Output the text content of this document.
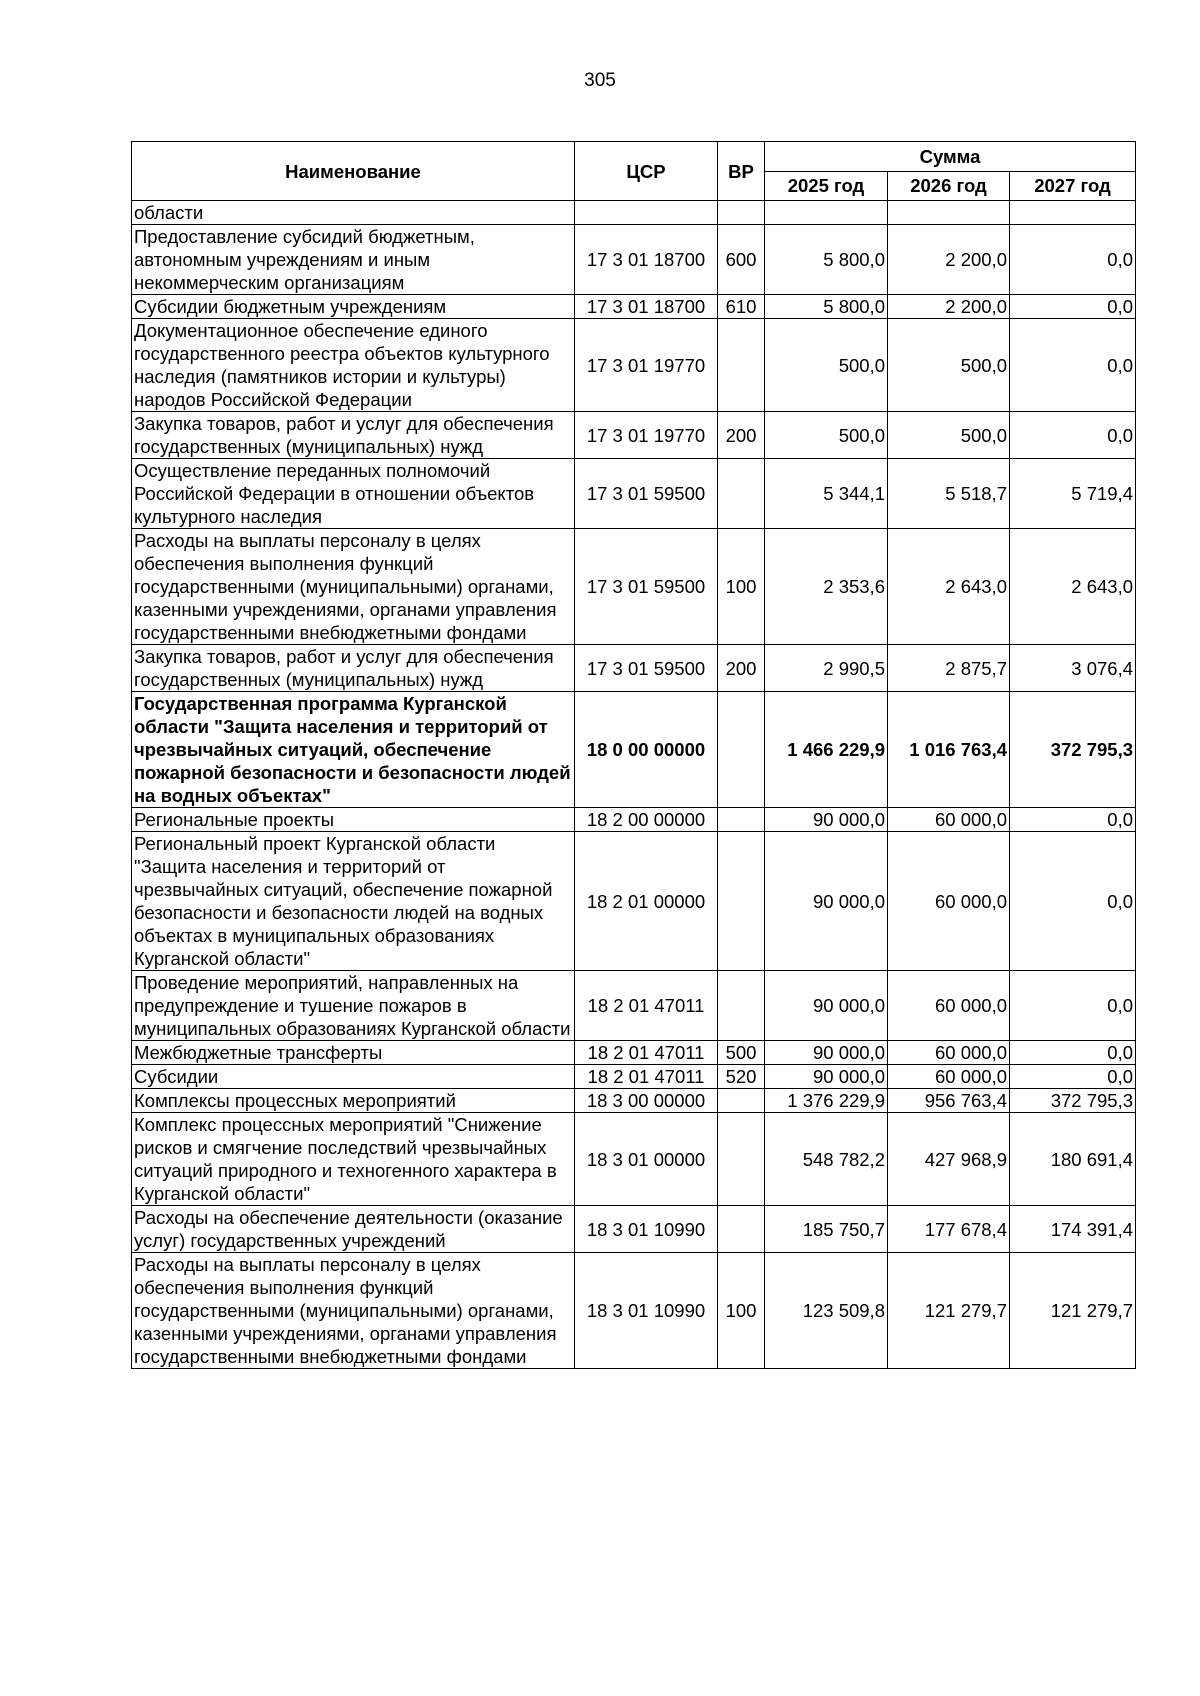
305
Наименование	ЦСР	ВР	Сумма		
			2025 год	2026 год	2027 год
области					
Предоставление субсидий бюджетным, автономным учреждениям и иным некоммерческим организациям	17 3 01 18700	600	5 800,0	2 200,0	0,0
Субсидии бюджетным учреждениям	17 3 01 18700	610	5 800,0	2 200,0	0,0
Документационное обеспечение единого государственного реестра объектов культурного наследия (памятников истории и культуры) народов Российской Федерации	17 3 01 19770		500,0	500,0	0,0
Закупка товаров, работ и услуг для обеспечения государственных (муниципальных) нужд	17 3 01 19770	200	500,0	500,0	0,0
Осуществление переданных полномочий Российской Федерации в отношении объектов культурного наследия	17 3 01 59500		5 344,1	5 518,7	5 719,4
Расходы на выплаты персоналу в целях обеспечения выполнения функций государственными (муниципальными) органами, казенными учреждениями, органами управления государственными внебюджетными фондами	17 3 01 59500	100	2 353,6	2 643,0	2 643,0
Закупка товаров, работ и услуг для обеспечения государственных (муниципальных) нужд	17 3 01 59500	200	2 990,5	2 875,7	3 076,4
Государственная программа Курганской области "Защита населения и территорий от чрезвычайных ситуаций, обеспечение пожарной безопасности и безопасности людей на водных объектах"	18 0 00 00000		1 466 229,9	1 016 763,4	372 795,3
Региональные проекты	18 2 00 00000		90 000,0	60 000,0	0,0
Региональный проект Курганской области "Защита населения и территорий от чрезвычайных ситуаций, обеспечение пожарной безопасности и безопасности людей на водных объектах в муниципальных образованиях Курганской области"	18 2 01 00000		90 000,0	60 000,0	0,0
Проведение мероприятий, направленных на предупреждение и тушение пожаров в муниципальных образованиях Курганской области	18 2 01 47011		90 000,0	60 000,0	0,0
Межбюджетные трансферты	18 2 01 47011	500	90 000,0	60 000,0	0,0
Субсидии	18 2 01 47011	520	90 000,0	60 000,0	0,0
Комплексы процессных мероприятий	18 3 00 00000		1 376 229,9	956 763,4	372 795,3
Комплекс процессных мероприятий "Снижение рисков и смягчение последствий чрезвычайных ситуаций природного и техногенного характера в Курганской области"	18 3 01 00000		548 782,2	427 968,9	180 691,4
Расходы на обеспечение деятельности (оказание услуг) государственных учреждений	18 3 01 10990		185 750,7	177 678,4	174 391,4
Расходы на выплаты персоналу в целях обеспечения выполнения функций государственными (муниципальными) органами, казенными учреждениями, органами управления государственными внебюджетными фондами	18 3 01 10990	100	123 509,8	121 279,7	121 279,7
